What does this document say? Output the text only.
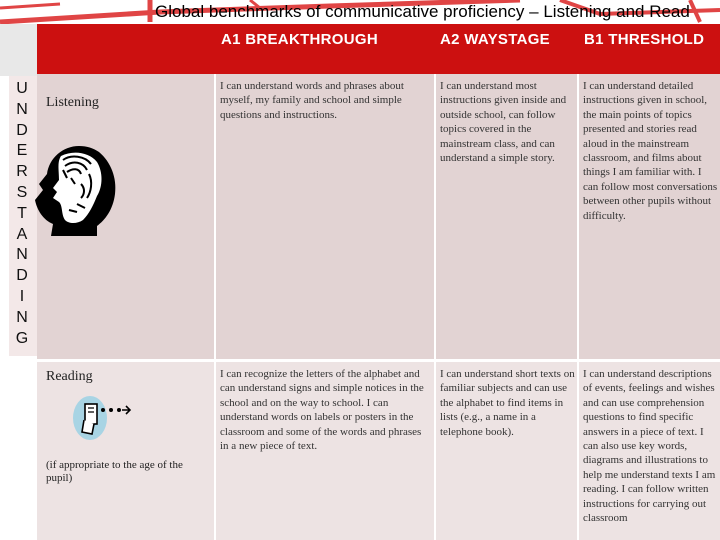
Global benchmarks of communicative proficiency – Listening and Read
A1 BREAKTHROUGH	A2 WAYSTAGE B1 THRESHOLD
U
N
D
E
R
S
T
A
N
D
I
N
G
Listening
I can understand words and phrases about myself, my family and school and simple questions and instructions.
I can understand most instructions given inside and outside school, can follow topics covered in the mainstream class, and can understand a simple story.
I can understand detailed instructions given in school, the main points of topics presented and stories read aloud in the mainstream classroom, and films about things I am familiar with. I can follow most conversations between other pupils without difficulty.
Reading
(if appropriate to the age of the pupil)
I can recognize the letters of the alphabet and can understand signs and simple notices in the school and on the way to school. I can understand words on labels or posters in the classroom and some of the words and phrases in a new piece of text.
I can understand short texts on familiar subjects and can use the alphabet to find items in lists (e.g., a name in a telephone book).
I can understand descriptions of events, feelings and wishes and can use comprehension questions to find specific answers in a piece of text. I can also use key words, diagrams and illustrations to help me understand texts I am reading. I can follow written instructions for carrying out classroom
